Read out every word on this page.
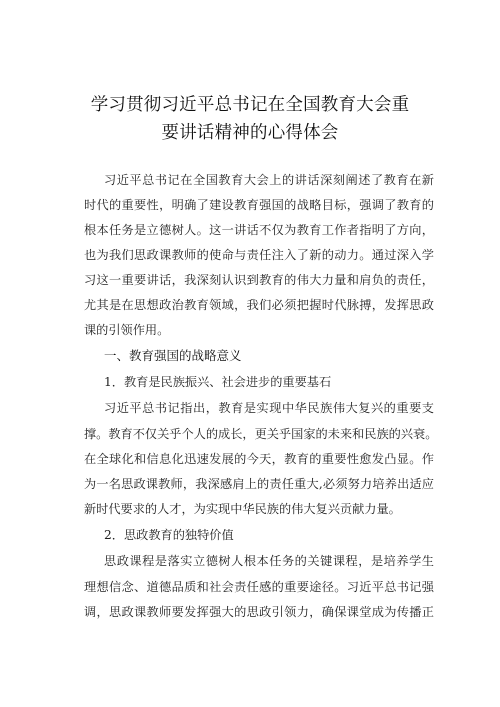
学习贯彻习近平总书记在全国教育大会重
要讲话精神的心得体会
习近平总书记在全国教育大会上的讲话深刻阐述了教育在新
时代的重要性，明确了建设教育强国的战略目标，强调了教育的
根本任务是立德树人。这一讲话不仅为教育工作者指明了方向，
也为我们思政课教师的使命与责任注入了新的动力。通过深入学
习这一重要讲话，我深刻认识到教育的伟大力量和肩负的责任，
尤其是在思想政治教育领域，我们必须把握时代脉搏，发挥思政
课的引领作用。
一、教育强国的战略意义
1．教育是民族振兴、社会进步的重要基石
习近平总书记指出，教育是实现中华民族伟大复兴的重要支
撑。教育不仅关乎个人的成长，更关乎国家的未来和民族的兴衰。
在全球化和信息化迅速发展的今天，教育的重要性愈发凸显。作
为一名思政课教师，我深感肩上的责任重大,必须努力培养出适应
新时代要求的人才，为实现中华民族的伟大复兴贡献力量。
2．思政教育的独特价值
思政课程是落实立德树人根本任务的关键课程，是培养学生
理想信念、道德品质和社会责任感的重要途径。习近平总书记强
调，思政课教师要发挥强大的思政引领力，确保课堂成为传播正
